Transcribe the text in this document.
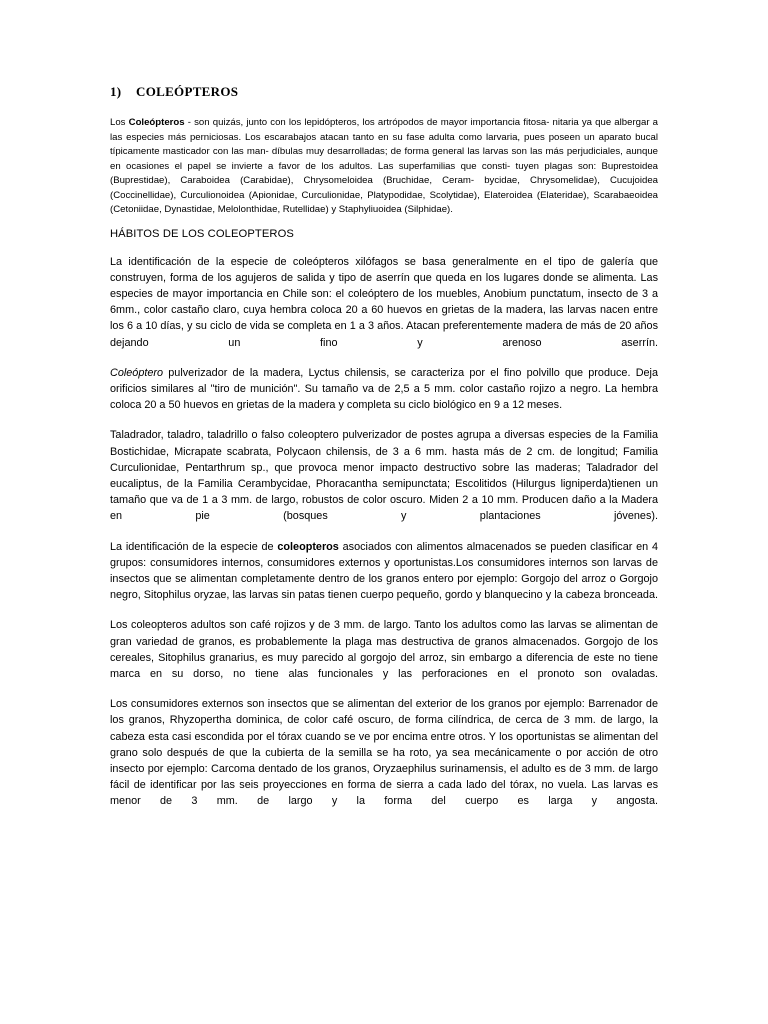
1)	COLEÓPTEROS

Los Coleópteros - son quizás, junto con los lepidópteros, los artrópodos de mayor importancia fitosa- nitaria ya que albergar a las especies más perniciosas. Los escarabajos atacan tanto en su fase adulta como larvaria, pues poseen un aparato bucal típicamente masticador con las man- díbulas muy desarrolladas; de forma general las larvas son las más perjudiciales, aunque en ocasiones el papel se invierte a favor de los adultos. Las superfamilias que consti- tuyen plagas son: Buprestoidea (Buprestidae), Caraboidea (Carabidae), Chrysomeloidea (Bruchidae, Ceram- bycidae, Chrysomelidae), Cucujoidea (Coccinellidae), Curculionoidea (Apionidae, Curculionidae, Platypodidae, Scolytidae), Elateroidea (Elateridae), Scarabaeoidea (Cetoniidae, Dynastidae, Melolonthidae, Rutellidae) y Staphyliuoidea (Silphidae).

HÁBITOS DE LOS COLEOPTEROS

La identificación de la especie de coleópteros xilófagos se basa generalmente en el tipo de galería que construyen, forma de los agujeros de salida y tipo de aserrín que queda en los lugares donde se alimenta. Las especies de mayor importancia en Chile son: el coleóptero de los muebles, Anobium punctatum, insecto de 3 a 6mm., color castaño claro, cuya hembra coloca 20 a 60 huevos en grietas de la madera, las larvas nacen entre los 6 a 10 días, y su ciclo de vida se completa en 1 a 3 años. Atacan preferentemente madera de más de 20 años dejando un fino y arenoso aserrín.

Coleóptero pulverizador de la madera, Lyctus chilensis, se caracteriza por el fino polvillo que produce. Deja orificios similares al "tiro de munición". Su tamaño va de 2,5 a 5 mm. color castaño rojizo a negro. La hembra coloca 20 a 50 huevos en grietas de la madera y completa su ciclo biológico en 9 a 12 meses.

Taladrador, taladro, taladrillo o falso coleoptero pulverizador de postes agrupa a diversas especies de la Familia Bostichidae, Micrapate scabrata, Polycaon chilensis, de 3 a 6 mm. hasta más de 2 cm. de longitud; Familia Curculionidae, Pentarthrum sp., que provoca menor impacto destructivo sobre las maderas; Taladrador del eucaliptus, de la Familia Cerambycidae, Phoracantha semipunctata; Escolitidos (Hilurgus ligniperda)tienen un tamaño que va de 1 a 3 mm. de largo, robustos de color oscuro. Miden 2 a 10 mm. Producen daño a la Madera en pie (bosques y plantaciones jóvenes).

La identificación de la especie de coleopteros asociados con alimentos almacenados se pueden clasificar en 4 grupos: consumidores internos, consumidores externos y oportunistas.Los consumidores internos son larvas de insectos que se alimentan completamente dentro de los granos entero por ejemplo: Gorgojo del arroz o Gorgojo negro, Sitophilus oryzae, las larvas sin patas tienen cuerpo pequeño, gordo y blanquecino y la cabeza bronceada.

Los coleopteros adultos son café rojizos y de 3 mm. de largo. Tanto los adultos como las larvas se alimentan de gran variedad de granos, es probablemente la plaga mas destructiva de granos almacenados. Gorgojo de los cereales, Sitophilus granarius, es muy parecido al gorgojo del arroz, sin embargo a diferencia de este no tiene marca en su dorso, no tiene alas funcionales y las perforaciones en el pronoto son ovaladas.

Los consumidores externos son insectos que se alimentan del exterior de los granos por ejemplo: Barrenador de los granos, Rhyzopertha dominica, de color café oscuro, de forma cilíndrica, de cerca de 3 mm. de largo, la cabeza esta casi escondida por el tórax cuando se ve por encima entre otros. Y los oportunistas se alimentan del grano solo después de que la cubierta de la semilla se ha roto, ya sea mecánicamente o por acción de otro insecto por ejemplo: Carcoma dentado de los granos, Oryzaephilus surinamensis, el adulto es de 3 mm. de largo fácil de identificar por las seis proyecciones en forma de sierra a cada lado del tórax, no vuela. Las larvas es menor de 3 mm. de largo y la forma del cuerpo es larga y angosta.
